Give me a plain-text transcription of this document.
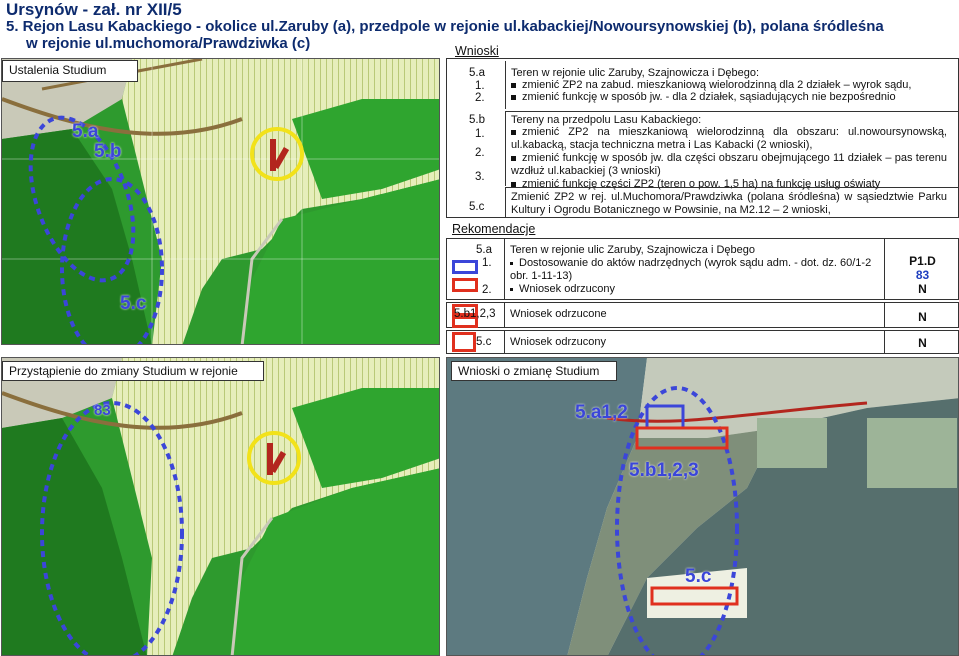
Ursynów - zał. nr XII/5
5. Rejon Lasu Kabackiego - okolice ul.Zaruby (a), przedpole w rejonie ul.kabackiej/Nowoursynowskiej (b), polana śródleśna
w rejonie ul.muchomora/Prawdziwka (c)
5.a
5.b
5.c
Ustalenia Studium
83
Przystąpienie do zmiany Studium w rejonie
5.a1,2
5.b1,2,3
5.c
Wnioski o zmianę Studium
Wnioski
5.a
1.
2.
Teren w rejonie ulic Zaruby, Szajnowicza i Dębego:
zmienić ZP2 na zabud. mieszkaniową wielorodzinną dla 2 działek – wyrok sądu,
zmienić funkcję w sposób jw. - dla 2 działek, sąsiadujących nie bezpośrednio
5.b
1.
2.
3.
Tereny na przedpolu Lasu Kabackiego:
zmienić ZP2 na mieszkaniową wielorodzinną dla obszaru: ul.nowoursynowską, ul.kabacką, stacja techniczna metra i Las Kabacki (2 wnioski),
zmienić funkcję w sposób jw. dla części obszaru obejmującego 11 działek – pas terenu wzdłuż ul.kabackiej (3 wnioski)
zmienić funkcję części ZP2 (teren o pow. 1,5 ha) na funkcję usług oświaty
5.c
Zmienić ZP2 w rej. ul.Muchomora/Prawdziwka (polana śródleśna) w sąsiedztwie Parku Kultury i Ogrodu Botanicznego w Powsinie, na M2.12 – 2 wnioski,
Rekomendacje
5.a
1.
2.
Teren w rejonie ulic Zaruby, Szajnowicza i Dębego
Dostosowanie do aktów nadrzędnych (wyrok sądu adm. - dot. dz. 60/1-2 obr. 1-11-13)
Wniosek odrzucony
P1.D
83
N
5.b1,2,3 Wniosek odrzucone	N
5.c Wniosek odrzucony	N
